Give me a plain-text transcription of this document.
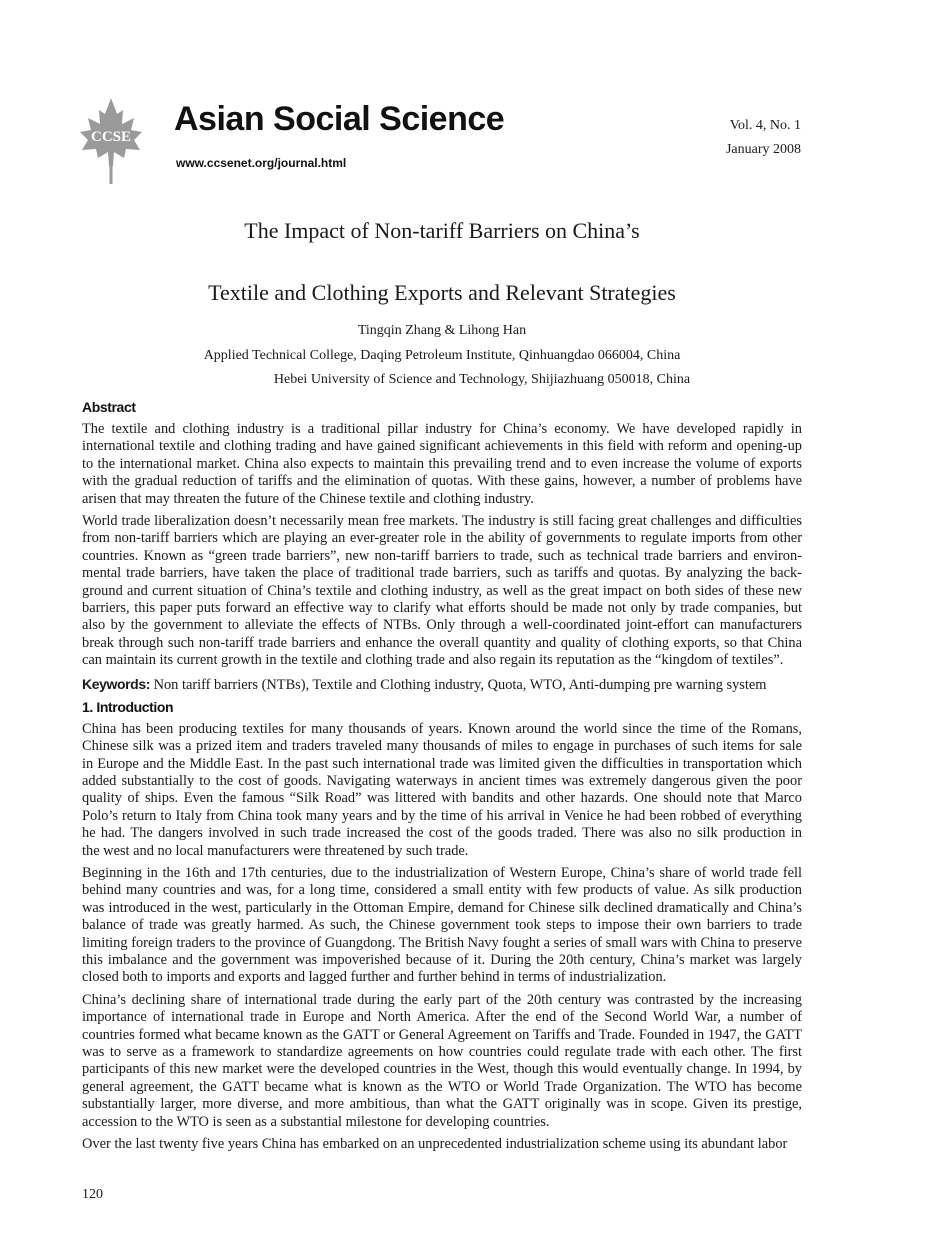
CCSE Asian Social Science
www.ccsenet.org/journal.html
Vol. 4, No. 1
January 2008
The Impact of Non-tariff Barriers on China’s
Textile and Clothing Exports and Relevant Strategies
Tingqin Zhang & Lihong Han
Applied Technical College, Daqing Petroleum Institute, Qinhuangdao 066004, China
Hebei University of Science and Technology, Shijiazhuang 050018, China
Abstract
The textile and clothing industry is a traditional pillar industry for China’s economy. We have developed rapidly in
international textile and clothing trading and have gained significant achievements in this field with reform and opening-up
to the international market. China also expects to maintain this prevailing trend and to even increase the volume of exports
with the gradual reduction of tariffs and the elimination of quotas. With these gains, however, a number of problems have
arisen that may threaten the future of the Chinese textile and clothing industry.
World trade liberalization doesn’t necessarily mean free markets. The industry is still facing great challenges and difficulties
from non-tariff barriers which are playing an ever-greater role in the ability of governments to regulate imports from other
countries. Known as “green trade barriers”, new non-tariff barriers to trade, such as technical trade barriers and environ-
mental trade barriers, have taken the place of traditional trade barriers, such as tariffs and quotas. By analyzing the back-
ground and current situation of China’s textile and clothing industry, as well as the great impact on both sides of these new
barriers, this paper puts forward an effective way to clarify what efforts should be made not only by trade companies, but
also by the government to alleviate the effects of NTBs. Only through a well-coordinated joint-effort can manufacturers
break through such non-tariff trade barriers and enhance the overall quantity and quality of clothing exports, so that China
can maintain its current growth in the textile and clothing trade and also regain its reputation as the “kingdom of textiles”.
Keywords: Non tariff barriers (NTBs), Textile and Clothing industry, Quota, WTO, Anti-dumping pre warning system
1. Introduction
China has been producing textiles for many thousands of years. Known around the world since the time of the Romans,
Chinese silk was a prized item and traders traveled many thousands of miles to engage in purchases of such items for sale
in Europe and the Middle East. In the past such international trade was limited given the difficulties in transportation which
added substantially to the cost of goods. Navigating waterways in ancient times was extremely dangerous given the poor
quality of ships. Even the famous “Silk Road” was littered with bandits and other hazards. One should note that Marco
Polo’s return to Italy from China took many years and by the time of his arrival in Venice he had been robbed of everything
he had. The dangers involved in such trade increased the cost of the goods traded. There was also no silk production in
the west and no local manufacturers were threatened by such trade.
Beginning in the 16th and 17th centuries, due to the industrialization of Western Europe, China’s share of world trade fell
behind many countries and was, for a long time, considered a small entity with few products of value. As silk production
was introduced in the west, particularly in the Ottoman Empire, demand for Chinese silk declined dramatically and China’s
balance of trade was greatly harmed. As such, the Chinese government took steps to impose their own barriers to trade
limiting foreign traders to the province of Guangdong. The British Navy fought a series of small wars with China to preserve
this imbalance and the government was impoverished because of it. During the 20th century, China’s market was largely
closed both to imports and exports and lagged further and further behind in terms of industrialization.
China’s declining share of international trade during the early part of the 20th century was contrasted by the increasing
importance of international trade in Europe and North America. After the end of the Second World War, a number of
countries formed what became known as the GATT or General Agreement on Tariffs and Trade. Founded in 1947, the GATT
was to serve as a framework to standardize agreements on how countries could regulate trade with each other. The first
participants of this new market were the developed countries in the West, though this would eventually change. In 1994, by
general agreement, the GATT became what is known as the WTO or World Trade Organization. The WTO has become
substantially larger, more diverse, and more ambitious, than what the GATT originally was in scope. Given its prestige,
accession to the WTO is seen as a substantial milestone for developing countries.
Over the last twenty five years China has embarked on an unprecedented industrialization scheme using its abundant labor
120
